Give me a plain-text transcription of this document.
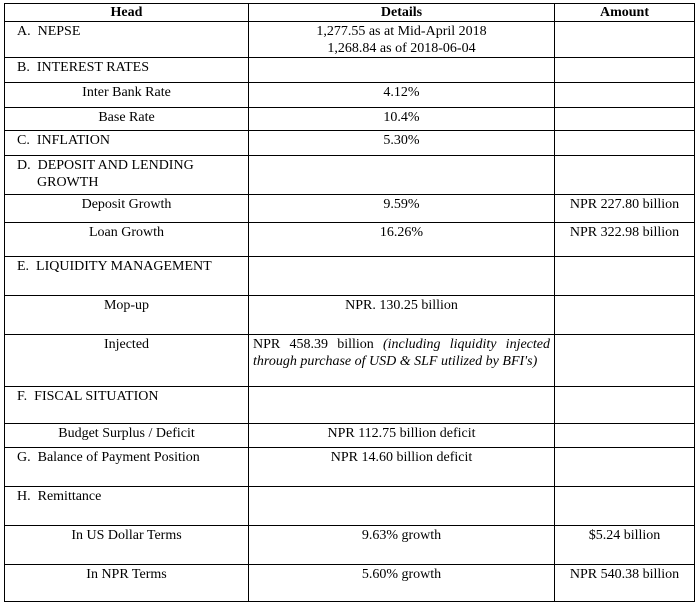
Head	Details	Amount
A.  NEPSE	1,277.55 as at Mid-April 2018
1,268.84 as of 2018-06-04	

B.  INTEREST RATES		
Inter Bank Rate	4.12%	
Base Rate	10.4%	
C.  INFLATION	5.30%	
D.  DEPOSIT AND LENDING GROWTH		
Deposit Growth	9.59%	NPR 227.80 billion
Loan Growth	16.26%	NPR 322.98 billion
E.  LIQUIDITY MANAGEMENT		
Mop-up	NPR. 130.25 billion	
Injected	NPR 458.39 billion (including liquidity injected through purchase of USD & SLF utilized by BFI's)	
F.  FISCAL SITUATION		
Budget Surplus / Deficit	NPR 112.75 billion deficit	
G.  Balance of Payment Position	NPR 14.60 billion deficit	
H.  Remittance		
In US Dollar Terms	9.63% growth	$5.24 billion
In NPR Terms	5.60% growth	NPR 540.38 billion
